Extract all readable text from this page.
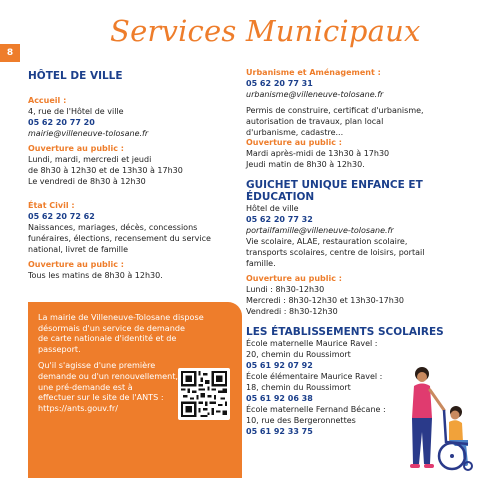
Services Municipaux
8
HÔTEL DE VILLE
Accueil :
4, rue de l'Hôtel de ville
05 62 20 77 20
mairie@villeneuve-tolosane.fr
Ouverture au public :
Lundi, mardi, mercredi et jeudi
de 8h30 à 12h30 et de 13h30 à 17h30
Le vendredi de 8h30 à 12h30
État Civil :
05 62 20 72 62
Naissances, mariages, décès, concessions
funéraires, élections, recensement du service
national, livret de famille
Ouverture au public :
Tous les matins de 8h30 à 12h30.
La mairie de Villeneuve-Tolosane dispose
désormais d'un service de demande
de carte nationale d'identité et de
passeport.
Qu'il s'agisse d'une première
demande ou d'un renouvellement,
une pré-demande est à
effectuer sur le site de l'ANTS :
https://ants.gouv.fr/
Urbanisme et Aménagement :
05 62 20 77 31
urbanisme@villeneuve-tolosane.fr
Permis de construire, certificat d'urbanisme,
autorisation de travaux, plan local
d'urbanisme, cadastre...
Ouverture au public :
Mardi après-midi de 13h30 à 17h30
Jeudi matin de 8h30 à 12h30.
GUICHET UNIQUE ENFANCE ET
ÉDUCATION
Hôtel de ville
05 62 20 77 32
portailfamille@villeneuve-tolosane.fr
Vie scolaire, ALAE, restauration scolaire,
transports scolaires, centre de loisirs, portail
famille.
Ouverture au public :
Lundi : 8h30-12h30
Mercredi : 8h30-12h30 et 13h30-17h30
Vendredi : 8h30-12h30
LES ÉTABLISSEMENTS SCOLAIRES
École maternelle Maurice Ravel :
20, chemin du Roussimort
05 61 92 07 92
École élémentaire Maurice Ravel :
18, chemin du Roussimort
05 61 92 06 38
École maternelle Fernand Bécane :
10, rue des Bergeronnettes
05 61 92 33 75
